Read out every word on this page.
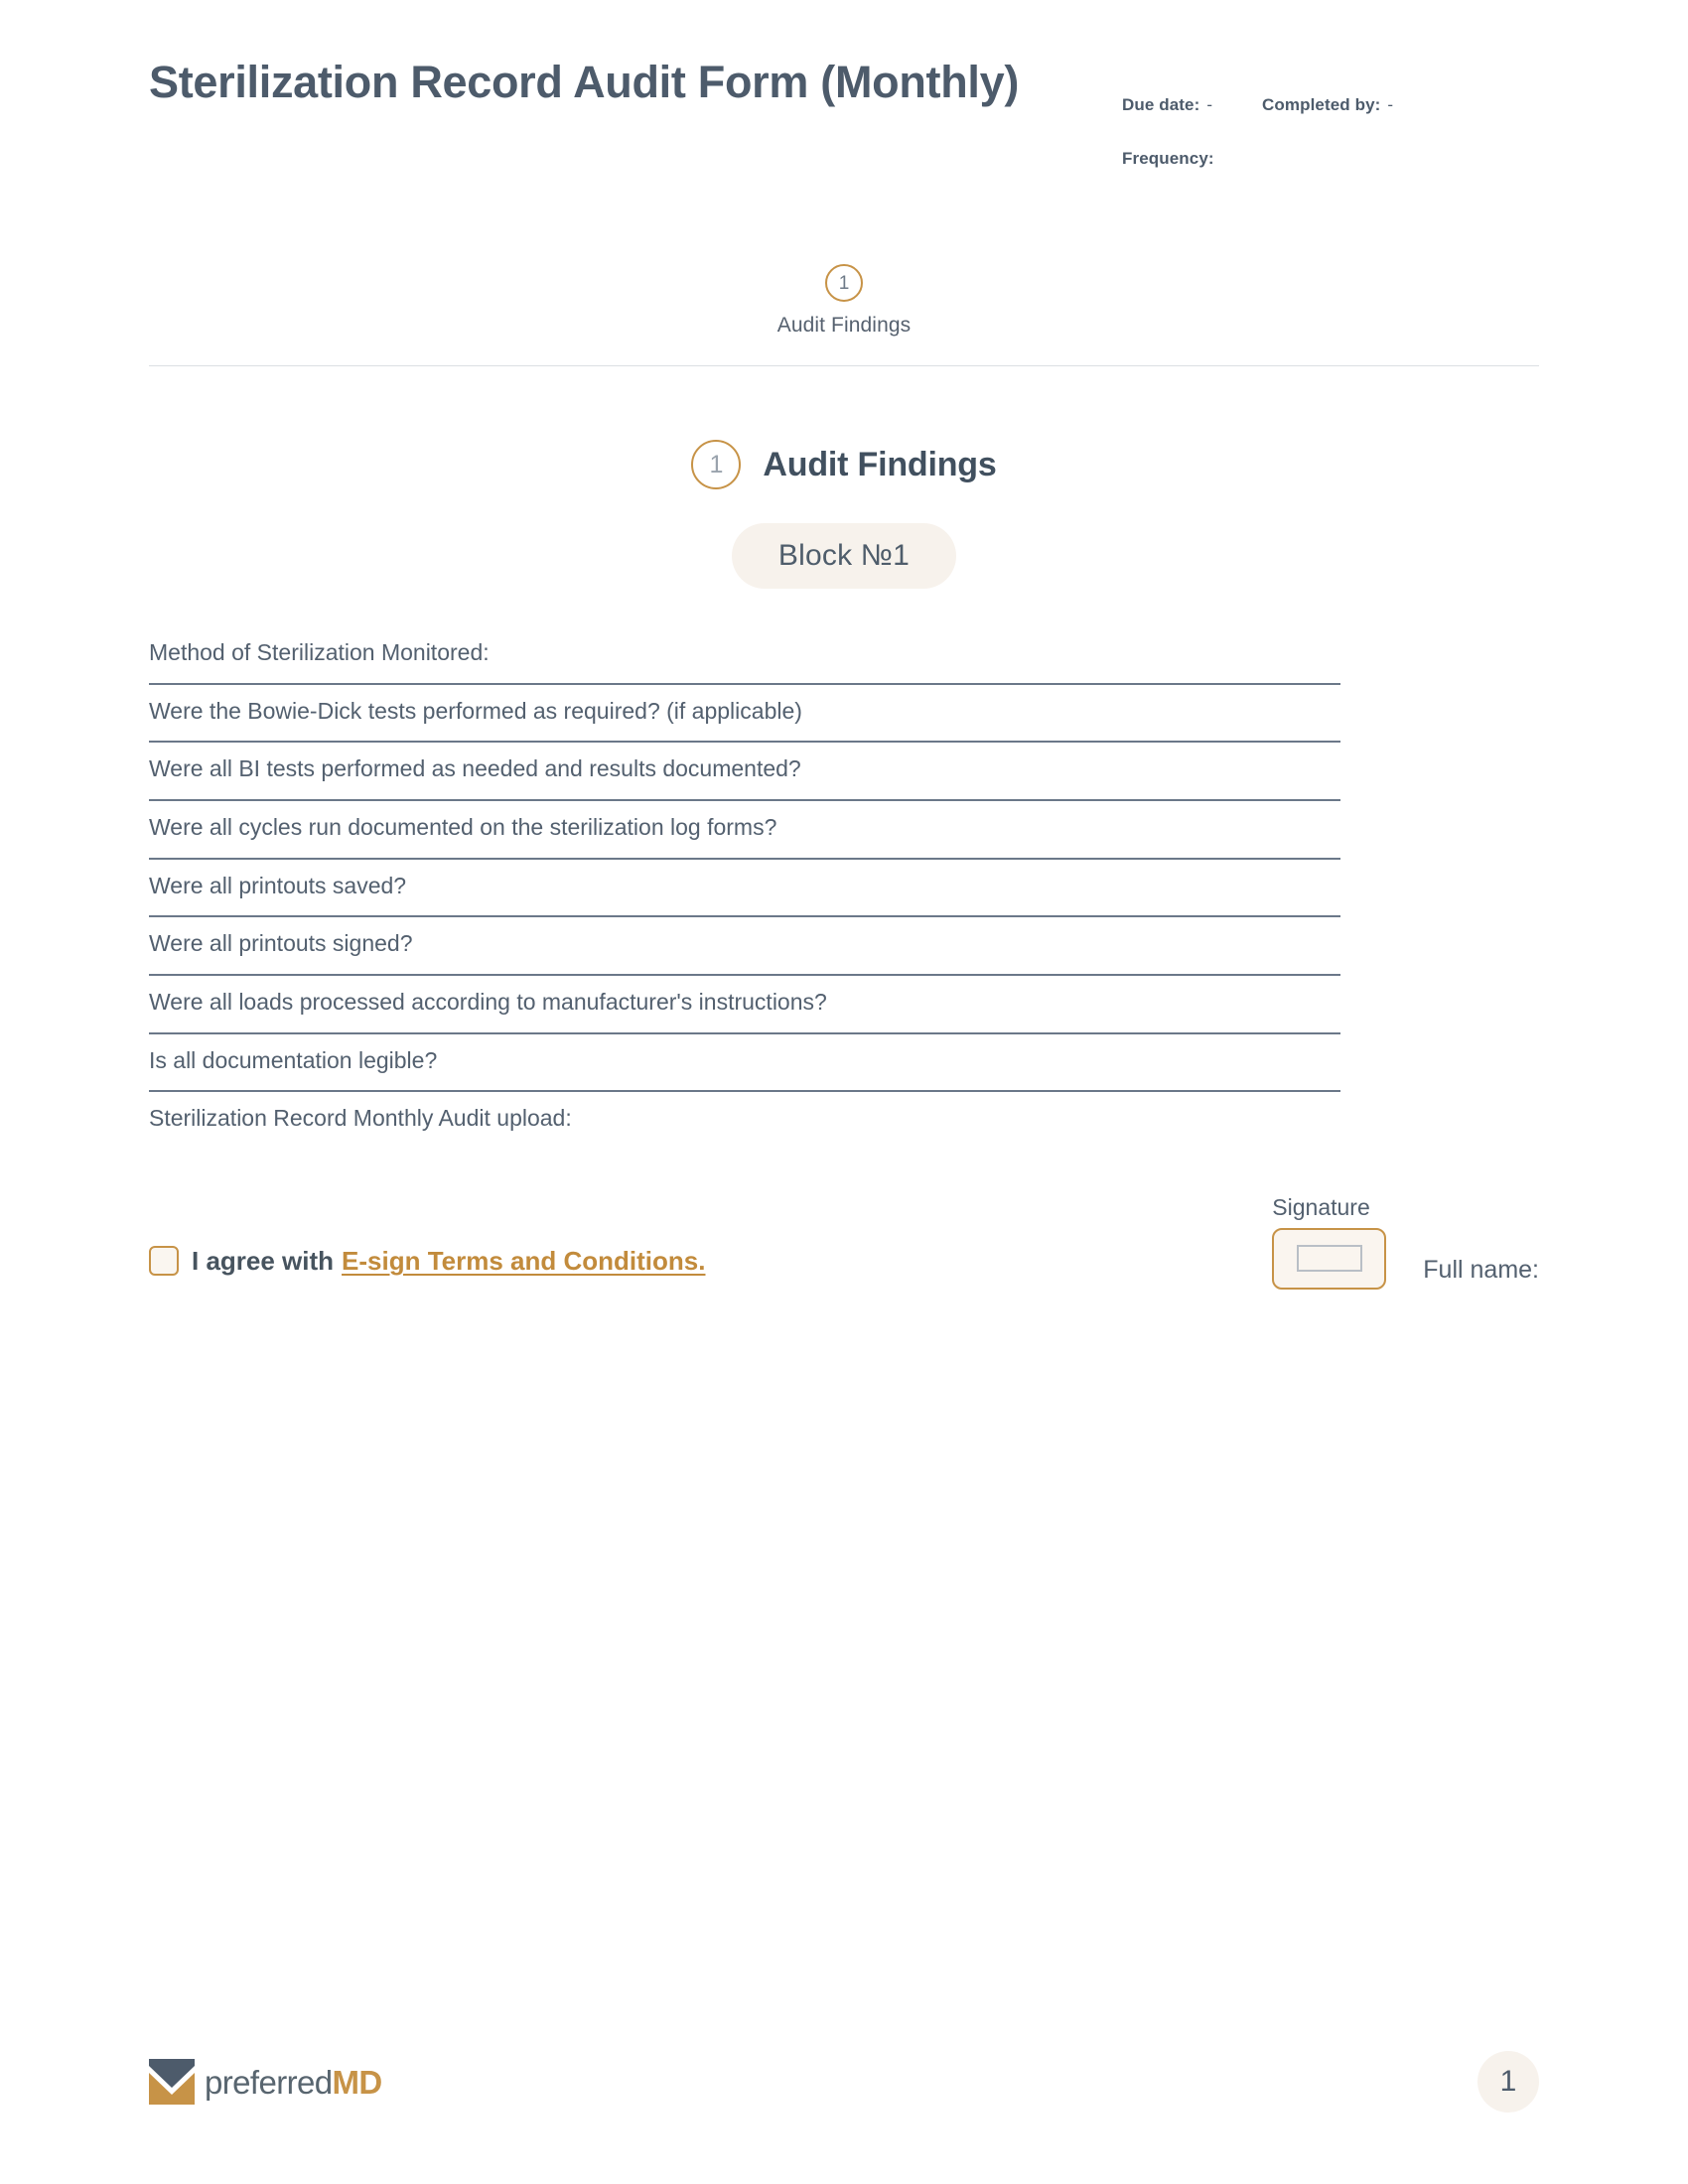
Sterilization Record Audit Form (Monthly)	Due date: -	Completed by: -
Frequency:
1
Audit Findings
1	Audit Findings
Block №1
Method of Sterilization Monitored:
Were the Bowie-Dick tests performed as required? (if applicable)
Were all BI tests performed as needed and results documented?
Were all cycles run documented on the sterilization log forms?
Were all printouts saved?
Were all printouts signed?
Were all loads processed according to manufacturer's instructions?
Is all documentation legible?
Sterilization Record Monthly Audit upload:
I agree with E-sign Terms and Conditions.
Signature
Full name:
preferredMD	1
